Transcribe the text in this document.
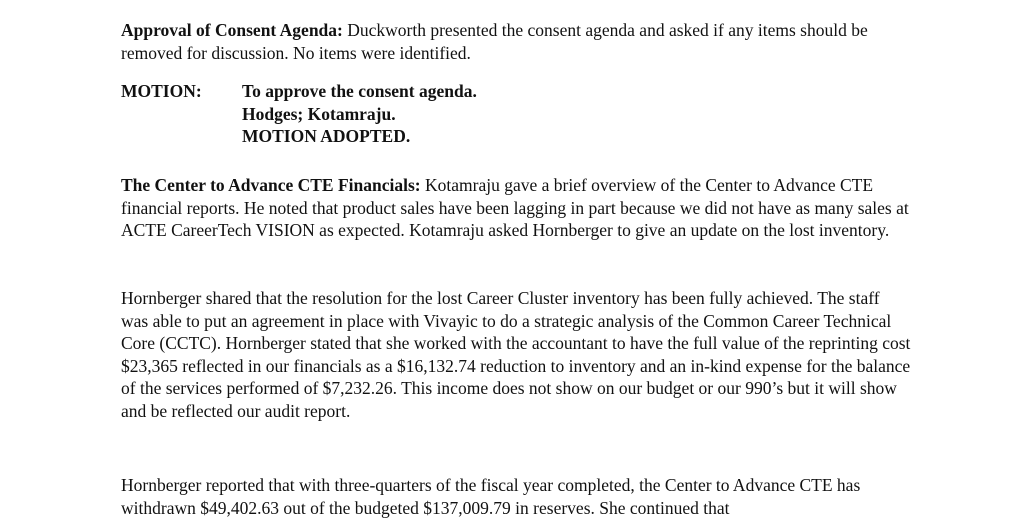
Approval of Consent Agenda: Duckworth presented the consent agenda and asked if any items should be removed for discussion. No items were identified.

MOTION:	To approve the consent agenda.
Hodges; Kotamraju.
MOTION ADOPTED.

The Center to Advance CTE Financials: Kotamraju gave a brief overview of the Center to Advance CTE financial reports. He noted that product sales have been lagging in part because we did not have as many sales at ACTE CareerTech VISION as expected. Kotamraju asked Hornberger to give an update on the lost inventory.

Hornberger shared that the resolution for the lost Career Cluster inventory has been fully achieved. The staff was able to put an agreement in place with Vivayic to do a strategic analysis of the Common Career Technical Core (CCTC). Hornberger stated that she worked with the accountant to have the full value of the reprinting cost $23,365 reflected in our financials as a $16,132.74 reduction to inventory and an in-kind expense for the balance of the services performed of $7,232.26. This income does not show on our budget or our 990’s but it will show and be reflected our audit report.

Hornberger reported that with three-quarters of the fiscal year completed, the Center to Advance CTE has withdrawn $49,402.63 out of the budgeted $137,009.79 in reserves. She continued that
